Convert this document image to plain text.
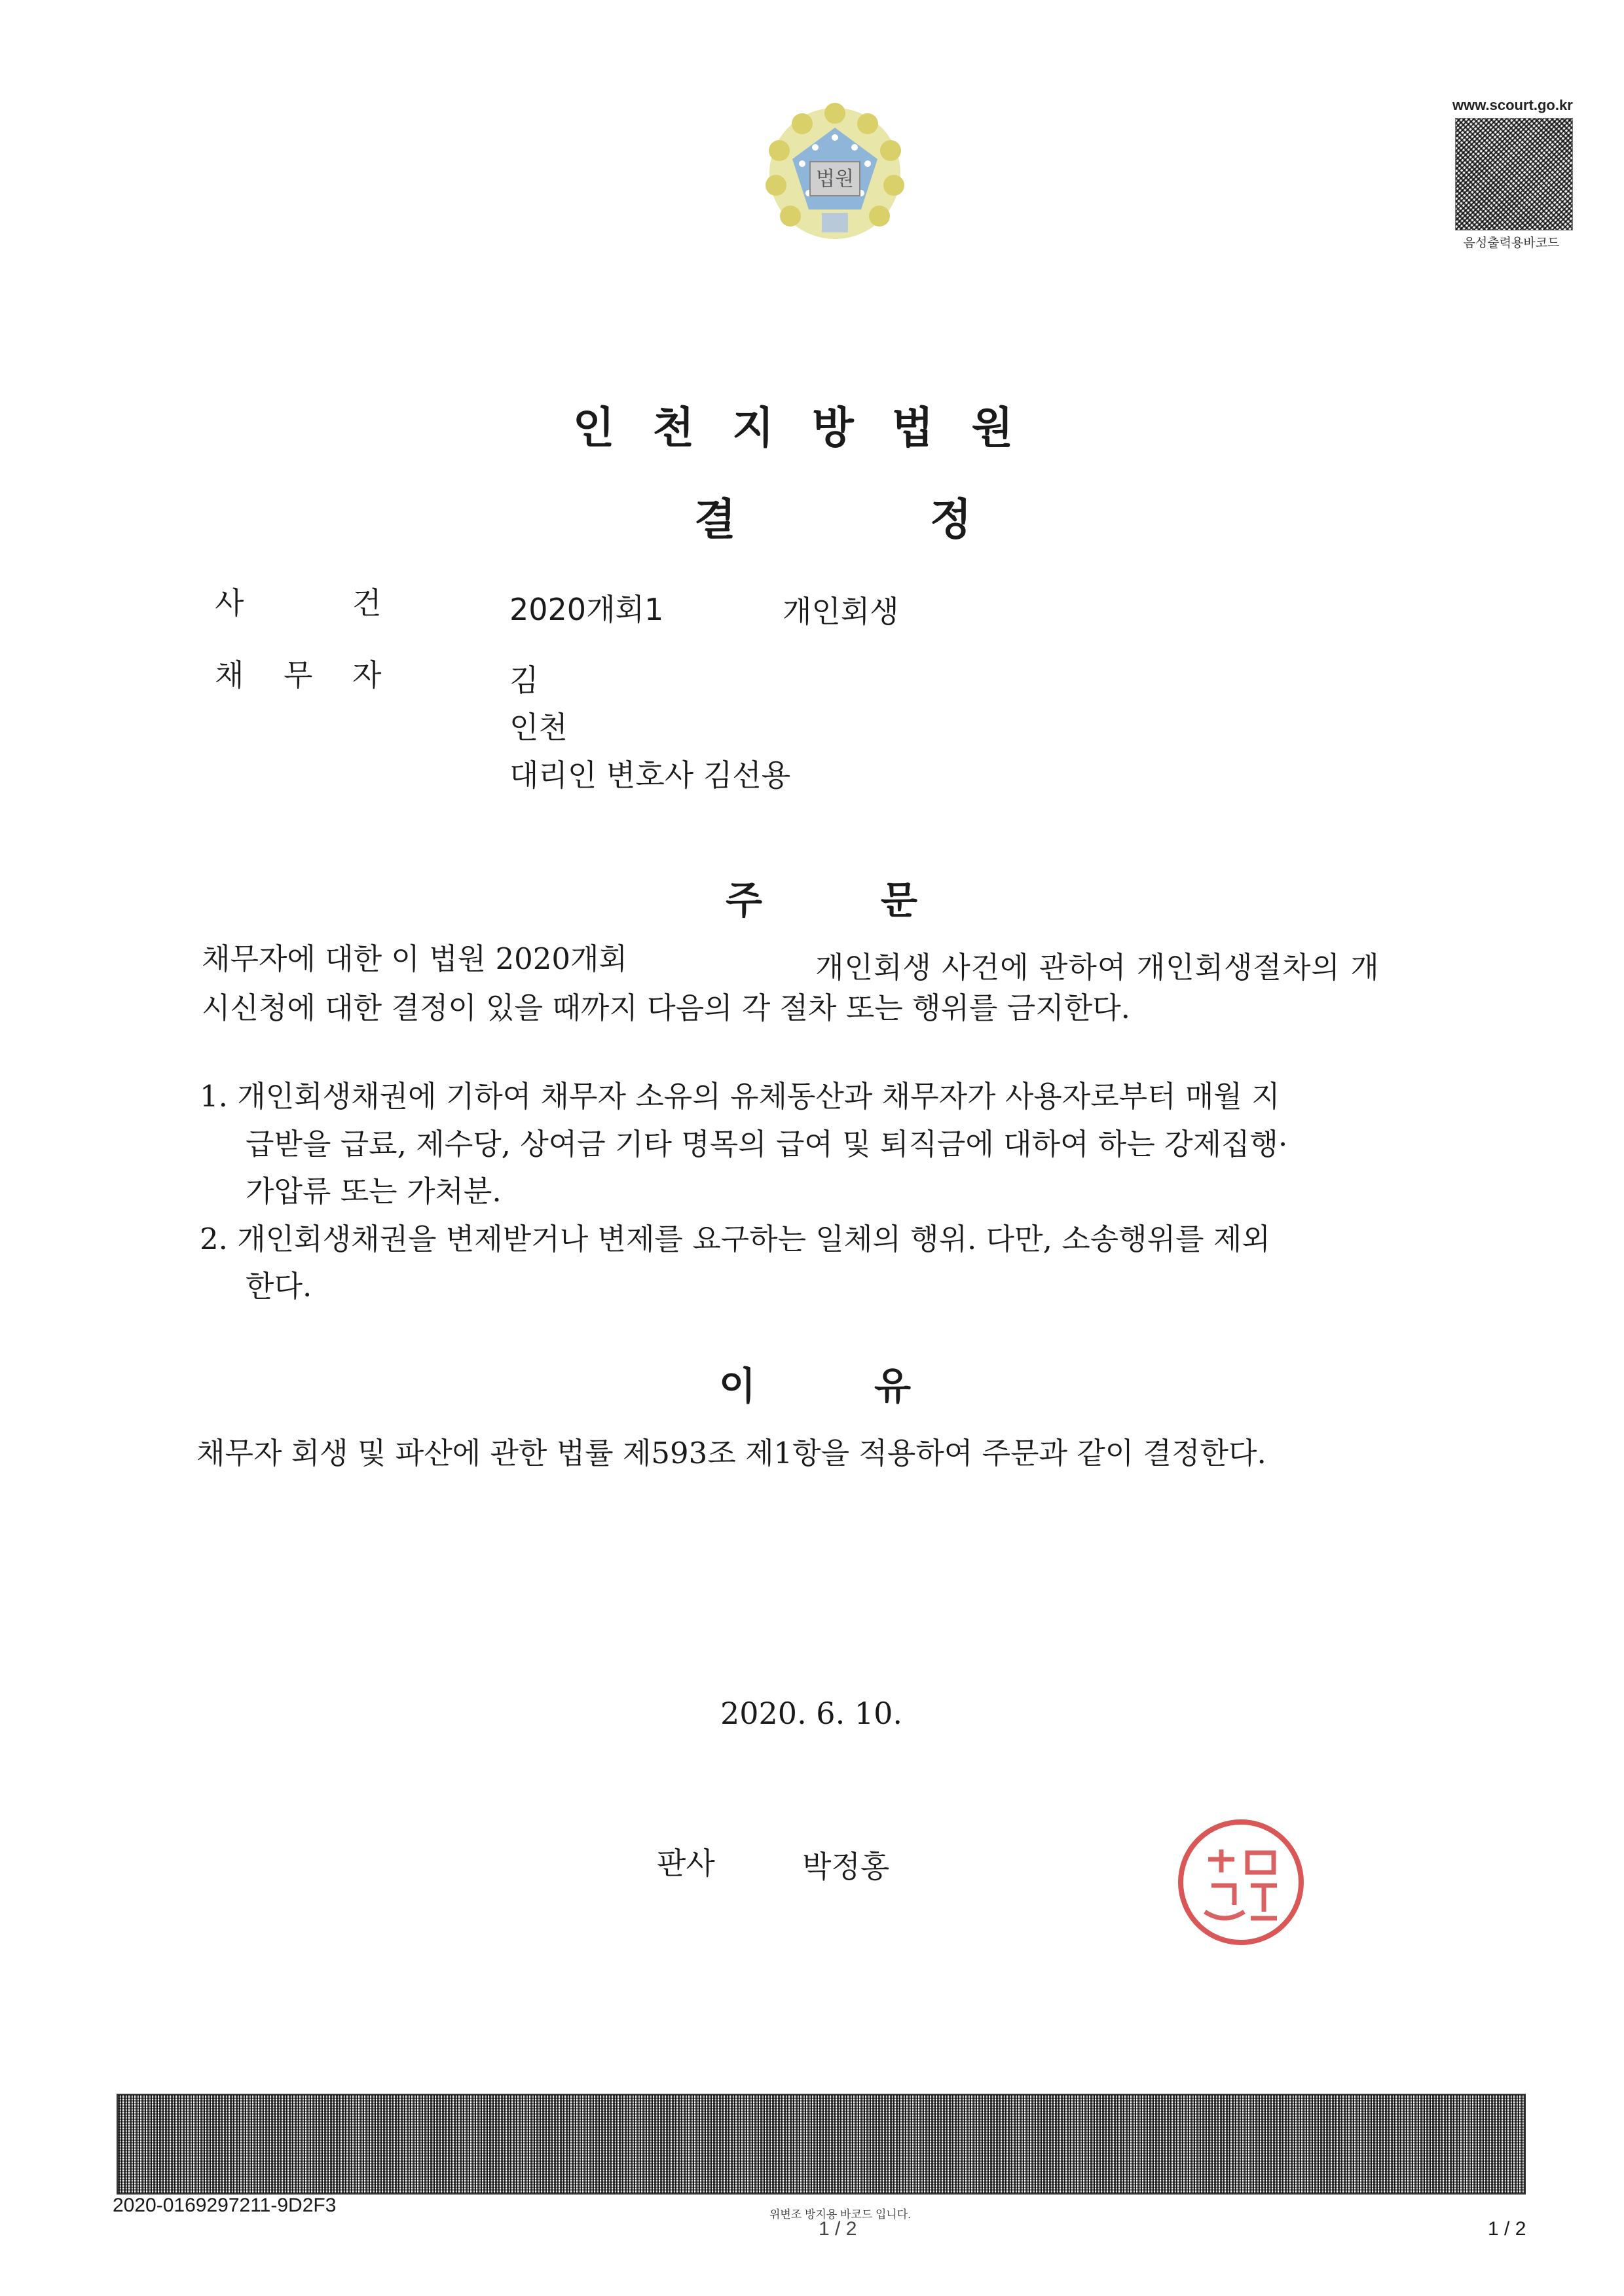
법원
www.scourt.go.kr
음성출력용바코드
인천지방법원
결	정
사	건	2020개회1	개인회생
채 무 자	김
인천
대리인 변호사 김선용
주	문
채무자에 대한 이 법원 2020개회	개인회생 사건에 관하여 개인회생절차의 개
시신청에 대한 결정이 있을 때까지 다음의 각 절차 또는 행위를 금지한다.
1. 개인회생채권에 기하여 채무자 소유의 유체동산과 채무자가 사용자로부터 매월 지
급받을 급료, 제수당, 상여금 기타 명목의 급여 및 퇴직금에 대하여 하는 강제집행·
가압류 또는 가처분.
2. 개인회생채권을 변제받거나 변제를 요구하는 일체의 행위. 다만, 소송행위를 제외
한다.
이	유
채무자 회생 및 파산에 관한 법률 제593조 제1항을 적용하여 주문과 같이 결정한다.
2020. 6. 10.
판사	박정홍
2020-0169297211-9D2F3	위변조 방지용 바코드 입니다.
1 / 2	1 / 2
